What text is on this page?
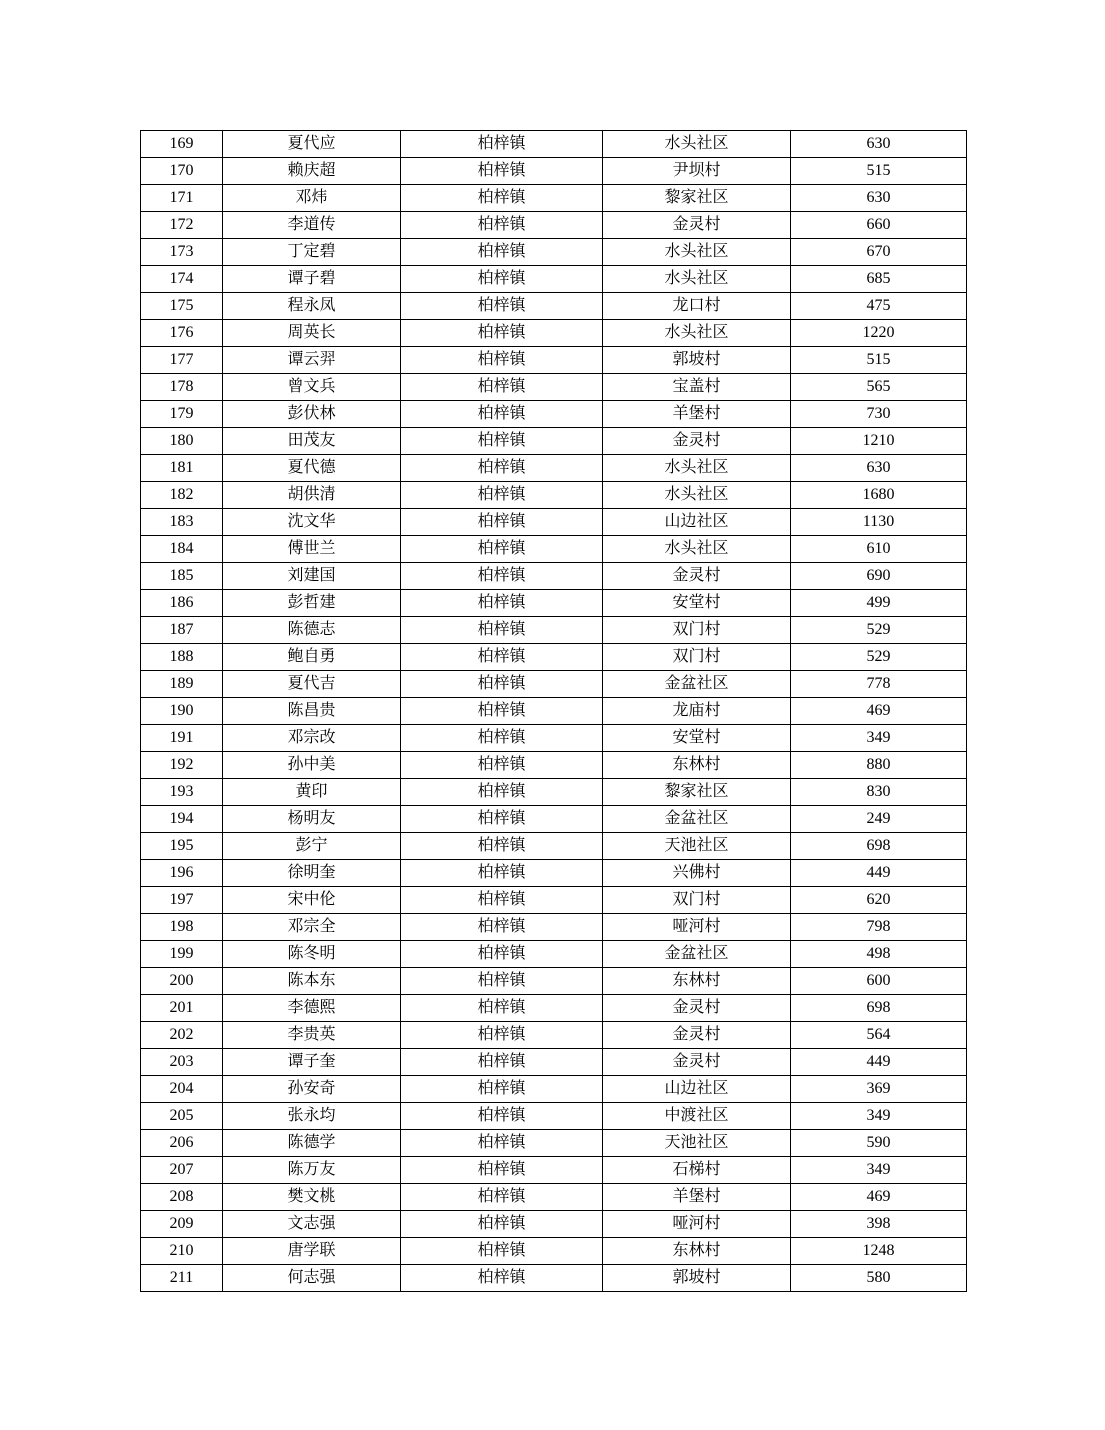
169	夏代应	柏梓镇	水头社区	630
170	赖庆超	柏梓镇	尹坝村	515
171	邓炜	柏梓镇	黎家社区	630
172	李道传	柏梓镇	金灵村	660
173	丁定碧	柏梓镇	水头社区	670
174	谭子碧	柏梓镇	水头社区	685
175	程永凤	柏梓镇	龙口村	475
176	周英长	柏梓镇	水头社区	1220
177	谭云羿	柏梓镇	郭坡村	515
178	曾文兵	柏梓镇	宝盖村	565
179	彭伏林	柏梓镇	羊堡村	730
180	田茂友	柏梓镇	金灵村	1210
181	夏代德	柏梓镇	水头社区	630
182	胡供清	柏梓镇	水头社区	1680
183	沈文华	柏梓镇	山边社区	1130
184	傅世兰	柏梓镇	水头社区	610
185	刘建国	柏梓镇	金灵村	690
186	彭哲建	柏梓镇	安堂村	499
187	陈德志	柏梓镇	双门村	529
188	鲍自勇	柏梓镇	双门村	529
189	夏代吉	柏梓镇	金盆社区	778
190	陈昌贵	柏梓镇	龙庙村	469
191	邓宗改	柏梓镇	安堂村	349
192	孙中美	柏梓镇	东林村	880
193	黄印	柏梓镇	黎家社区	830
194	杨明友	柏梓镇	金盆社区	249
195	彭宁	柏梓镇	天池社区	698
196	徐明奎	柏梓镇	兴佛村	449
197	宋中伦	柏梓镇	双门村	620
198	邓宗全	柏梓镇	哑河村	798
199	陈冬明	柏梓镇	金盆社区	498
200	陈本东	柏梓镇	东林村	600
201	李德熙	柏梓镇	金灵村	698
202	李贵英	柏梓镇	金灵村	564
203	谭子奎	柏梓镇	金灵村	449
204	孙安奇	柏梓镇	山边社区	369
205	张永均	柏梓镇	中渡社区	349
206	陈德学	柏梓镇	天池社区	590
207	陈万友	柏梓镇	石梯村	349
208	樊文桃	柏梓镇	羊堡村	469
209	文志强	柏梓镇	哑河村	398
210	唐学联	柏梓镇	东林村	1248
211	何志强	柏梓镇	郭坡村	580
